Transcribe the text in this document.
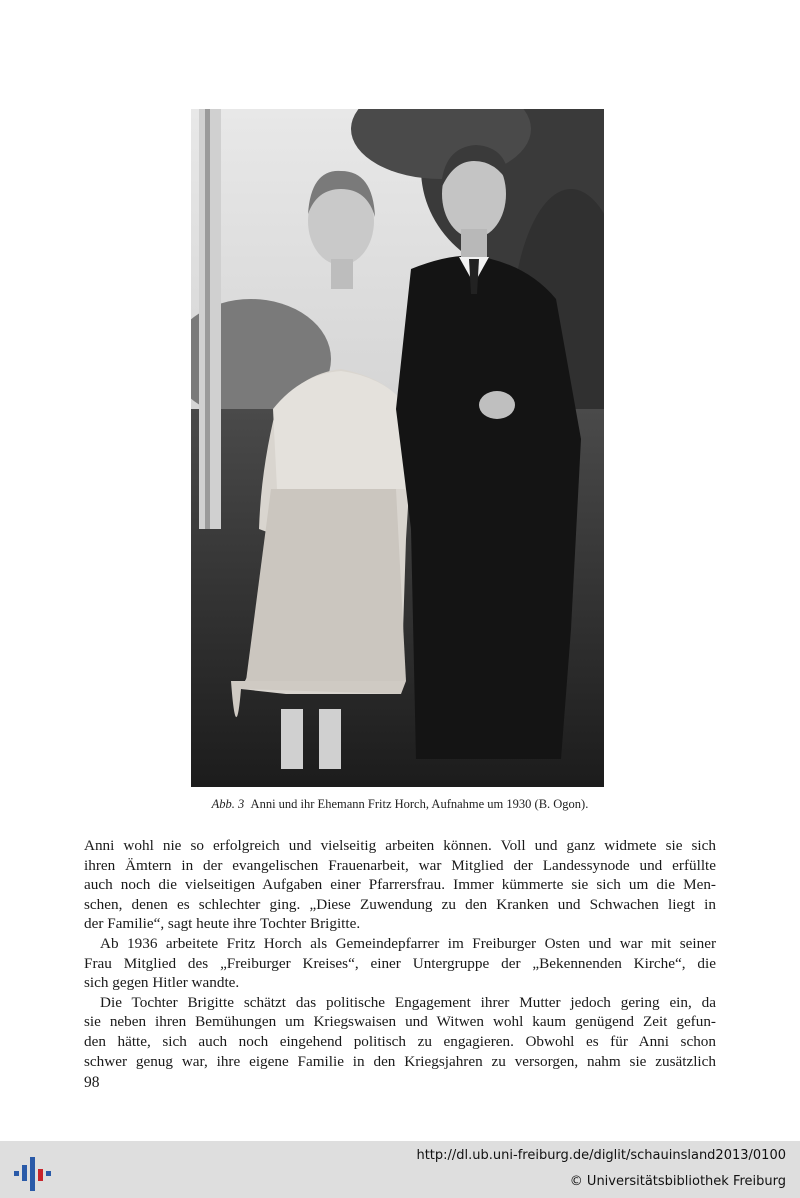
Abb. 3 Anni und ihr Ehemann Fritz Horch, Aufnahme um 1930 (B. Ogon).

Anni wohl nie so erfolgreich und vielseitig arbeiten können. Voll und ganz widmete sie sich
ihren Ämtern in der evangelischen Frauenarbeit, war Mitglied der Landessynode und erfüllte
auch noch die vielseitigen Aufgaben einer Pfarrersfrau. Immer kümmerte sie sich um die Men-
schen, denen es schlechter ging. „Diese Zuwendung zu den Kranken und Schwachen liegt in
der Familie“, sagt heute ihre Tochter Brigitte.

Ab 1936 arbeitete Fritz Horch als Gemeindepfarrer im Freiburger Osten und war mit seiner
Frau Mitglied des „Freiburger Kreises“, einer Untergruppe der „Bekennenden Kirche“, die
sich gegen Hitler wandte.

Die Tochter Brigitte schätzt das politische Engagement ihrer Mutter jedoch gering ein, da
sie neben ihren Bemühungen um Kriegswaisen und Witwen wohl kaum genügend Zeit gefun-
den hätte, sich auch noch eingehend politisch zu engagieren. Obwohl es für Anni schon
schwer genug war, ihre eigene Familie in den Kriegsjahren zu versorgen, nahm sie zusätzlich

98
http://dl.ub.uni-freiburg.de/diglit/schauinsland2013/0100
© Universitätsbibliothek Freiburg
